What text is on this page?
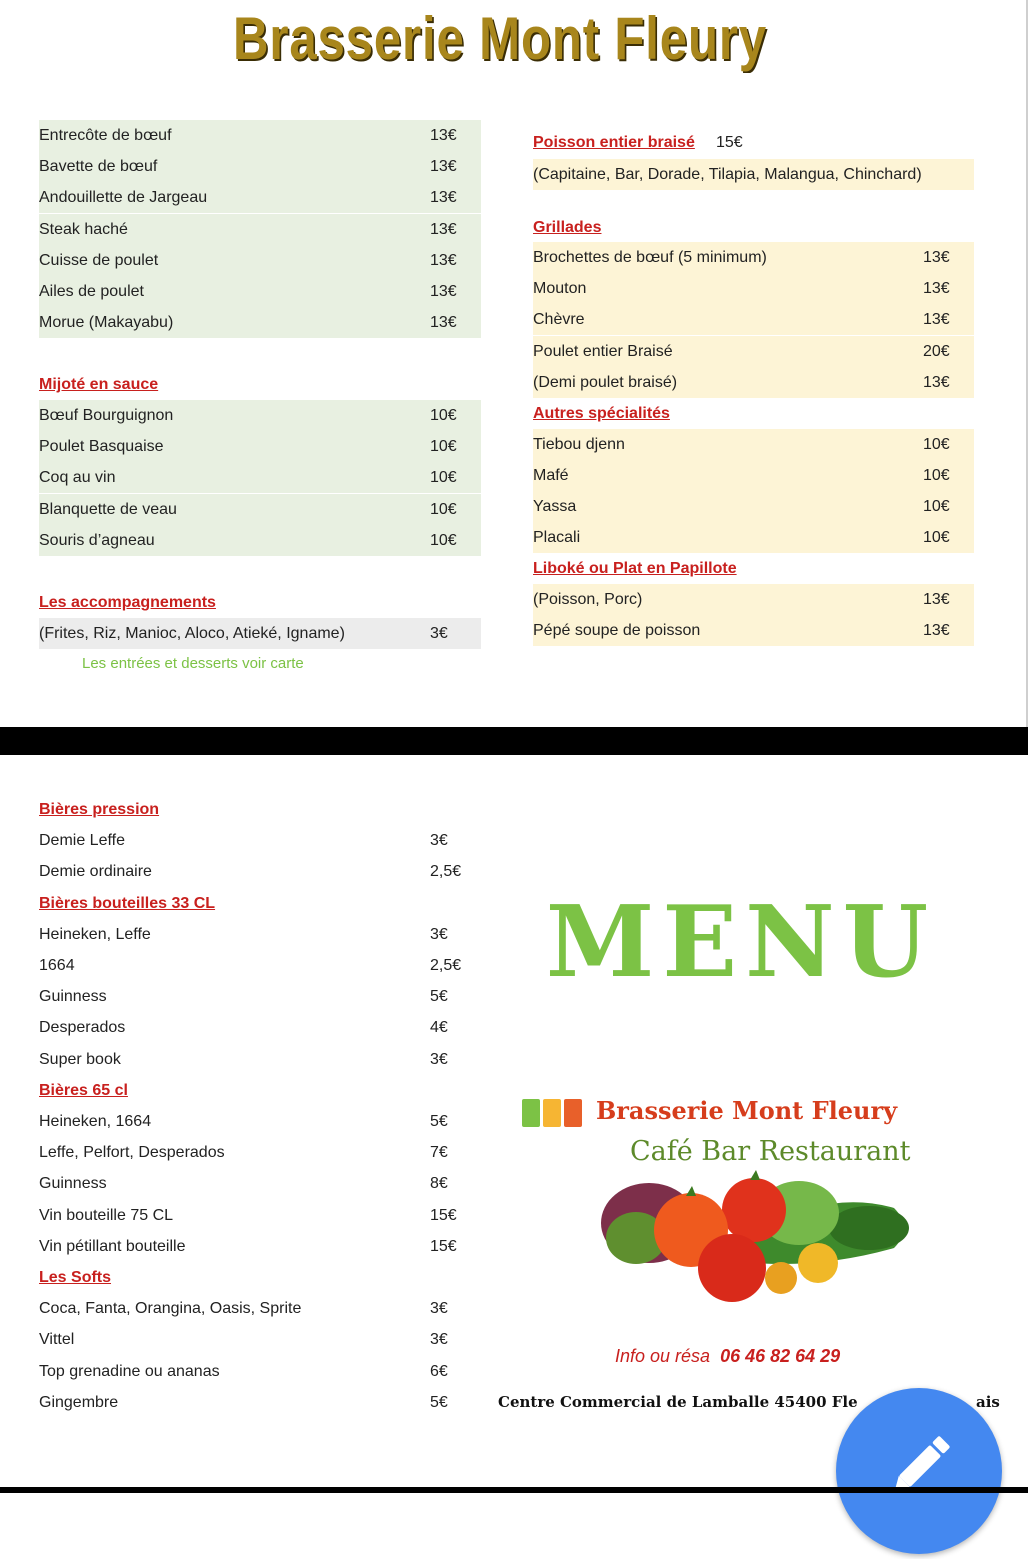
Brasserie Mont Fleury
Entrecôte de bœuf	13€
Bavette de bœuf	13€
Andouillette de Jargeau	13€
Steak haché	13€
Cuisse de poulet	13€
Ailes de poulet	13€
Morue (Makayabu)	13€
Mijoté en sauce
Bœuf Bourguignon	10€
Poulet Basquaise	10€
Coq au vin	10€
Blanquette de veau	10€
Souris d’agneau	10€
Les accompagnements
(Frites, Riz, Manioc, Aloco, Atieké, Igname)	3€
Les entrées et desserts voir carte
Poisson entier braisé 15€
(Capitaine, Bar, Dorade, Tilapia, Malangua, Chinchard)
Grillades
Brochettes de bœuf (5 minimum)	13€
Mouton	13€
Chèvre	13€
Poulet entier Braisé	20€
(Demi poulet braisé)	13€
Autres spécialités
Tiebou djenn	10€
Mafé	10€
Yassa	10€
Placali	10€
Liboké ou Plat en Papillote
(Poisson, Porc)	13€
Pépé soupe de poisson	13€
Bières pression
Demie Leffe	3€
Demie ordinaire	2,5€
Bières bouteilles 33 CL
Heineken, Leffe	3€
1664	2,5€
Guinness	5€
Desperados	4€
Super book	3€
Bières 65 cl
Heineken, 1664	5€
Leffe, Pelfort, Desperados	7€
Guinness	8€
Vin bouteille 75 CL	15€
Vin pétillant bouteille	15€
Les Softs
Coca, Fanta, Orangina, Oasis, Sprite	3€
Vittel	3€
Top grenadine ou ananas	6€
Gingembre	5€
MENU
Brasserie Mont Fleury
Café Bar Restaurant
Info ou résa 06 46 82 64 29
Centre Commercial de Lamballe 45400 Fle	ais
